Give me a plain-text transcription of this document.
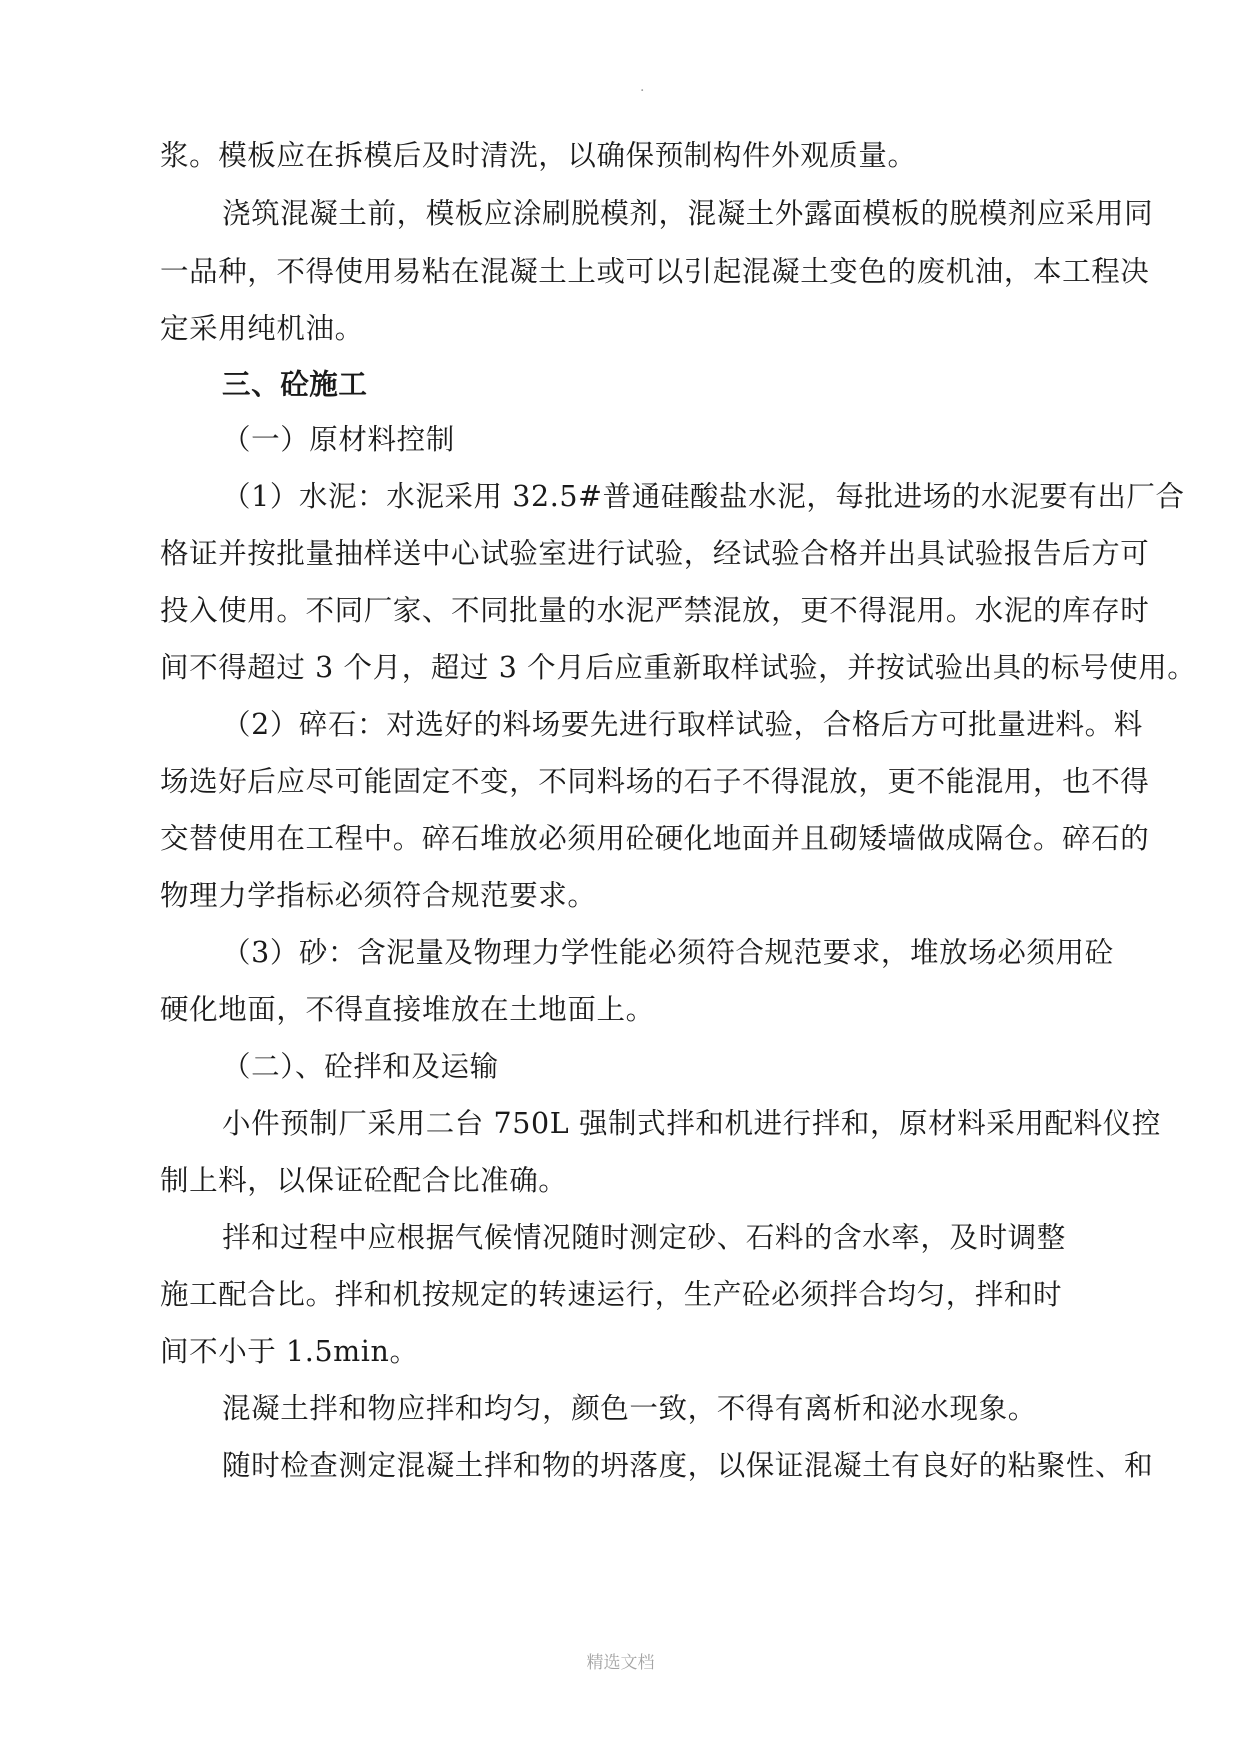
·
浆。模板应在拆模后及时清洗，以确保预制构件外观质量。
浇筑混凝土前，模板应涂刷脱模剂，混凝土外露面模板的脱模剂应采用同
一品种，不得使用易粘在混凝土上或可以引起混凝土变色的废机油，本工程决
定采用纯机油。
三、砼施工
（一）原材料控制
（1）水泥：水泥采用 32.5#普通硅酸盐水泥，每批进场的水泥要有出厂合
格证并按批量抽样送中心试验室进行试验，经试验合格并出具试验报告后方可
投入使用。不同厂家、不同批量的水泥严禁混放，更不得混用。水泥的库存时
间不得超过 3 个月，超过 3 个月后应重新取样试验，并按试验出具的标号使用。
（2）碎石：对选好的料场要先进行取样试验，合格后方可批量进料。料
场选好后应尽可能固定不变，不同料场的石子不得混放，更不能混用，也不得
交替使用在工程中。碎石堆放必须用砼硬化地面并且砌矮墙做成隔仓。碎石的
物理力学指标必须符合规范要求。
（3）砂：含泥量及物理力学性能必须符合规范要求，堆放场必须用砼
硬化地面，不得直接堆放在土地面上。
（二）、砼拌和及运输
小件预制厂采用二台 750L 强制式拌和机进行拌和，原材料采用配料仪控
制上料，以保证砼配合比准确。
拌和过程中应根据气候情况随时测定砂、石料的含水率，及时调整
施工配合比。拌和机按规定的转速运行，生产砼必须拌合均匀，拌和时
间不小于 1.5min。
混凝土拌和物应拌和均匀，颜色一致，不得有离析和泌水现象。
随时检查测定混凝土拌和物的坍落度，以保证混凝土有良好的粘聚性、和
精选文档
